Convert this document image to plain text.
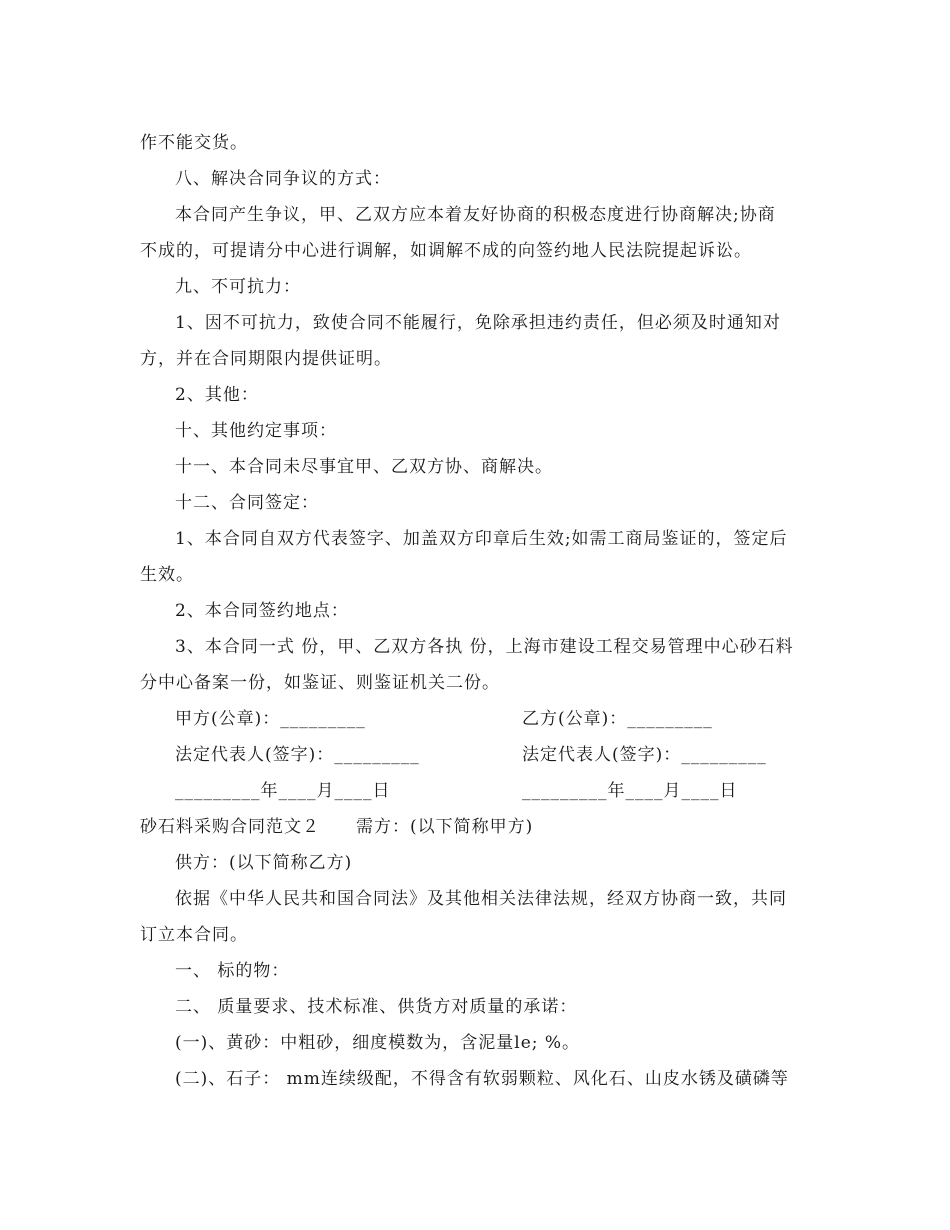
作不能交货。
八、解决合同争议的方式：
本合同产生争议，甲、乙双方应本着友好协商的积极态度进行协商解决;协商
不成的，可提请分中心进行调解，如调解不成的向签约地人民法院提起诉讼。
九、不可抗力：
1、因不可抗力，致使合同不能履行，免除承担违约责任，但必须及时通知对
方，并在合同期限内提供证明。
2、其他：
十、其他约定事项：
十一、本合同未尽事宜甲、乙双方协、商解决。
十二、合同签定：
1、本合同自双方代表签字、加盖双方印章后生效;如需工商局鉴证的，签定后
生效。
2、本合同签约地点：
3、本合同一式 份，甲、乙双方各执 份，上海市建设工程交易管理中心砂石料
分中心备案一份，如鉴证、则鉴证机关二份。
甲方(公章)：_________	乙方(公章)：_________
法定代表人(签字)：_________	法定代表人(签字)：_________
_________年____月____日	_________年____月____日
砂石料采购合同范文２　　需方：(以下简称甲方)
供方：(以下简称乙方)
依据《中华人民共和国合同法》及其他相关法律法规，经双方协商一致，共同
订立本合同。
一、 标的物：
二、 质量要求、技术标准、供货方对质量的承诺：
(一)、黄砂：中粗砂，细度模数为，含泥量le; %。
(二)、石子： mm连续级配，不得含有软弱颗粒、风化石、山皮水锈及磺磷等
